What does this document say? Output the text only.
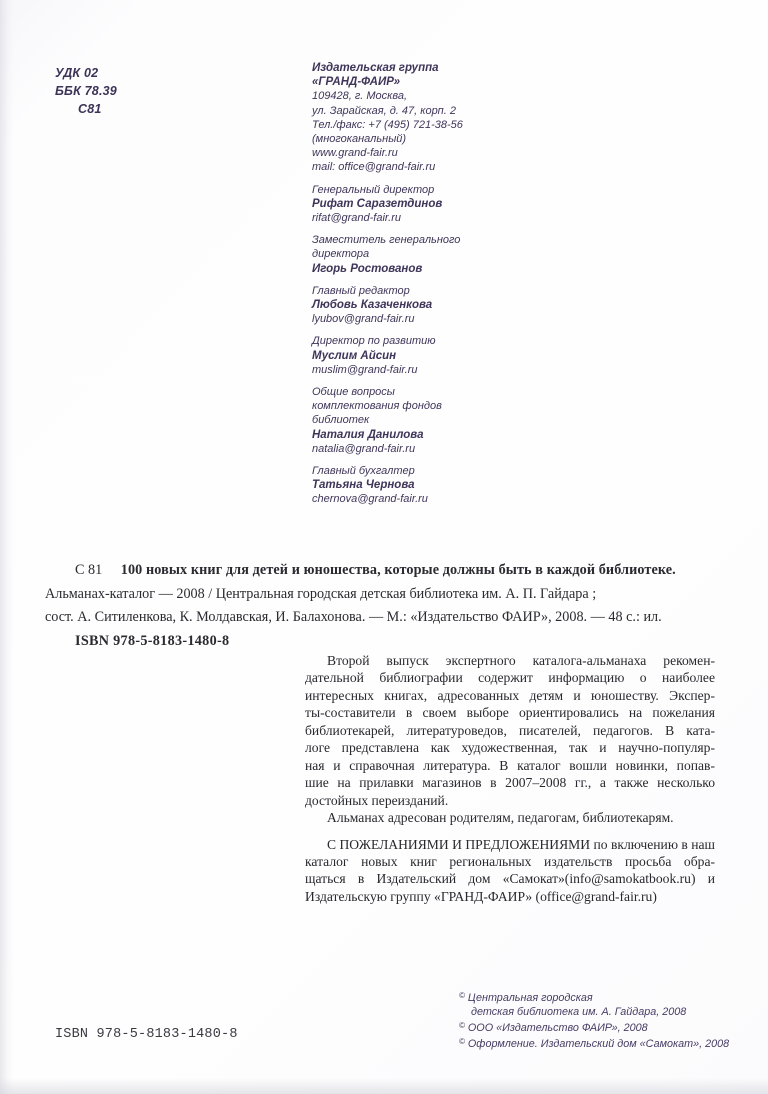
УДК 02
ББК 78.39
С81
Издательская группа
«ГРАНД-ФАИР»
109428, г. Москва,
ул. Зарайская, д. 47, корп. 2
Тел./факс: +7 (495) 721-38-56
(многоканальный)
www.grand-fair.ru
mail: office@grand-fair.ru
Генеральный директор
Рифат Саразетдинов
rifat@grand-fair.ru
Заместитель генерального
директора
Игорь Ростованов
Главный редактор
Любовь Казаченкова
lyubov@grand-fair.ru
Директор по развитию
Муслим Айсин
muslim@grand-fair.ru
Общие вопросы
комплектования фондов
библиотек
Наталия Данилова
natalia@grand-fair.ru
Главный бухгалтер
Татьяна Чернова
chernova@grand-fair.ru
С 81 100 новых книг для детей и юношества, которые должны быть в каждой библиотеке.
Альманах-каталог — 2008 / Центральная городская детская библиотека им. А. П. Гайдара ;
сост. А. Ситиленкова, К. Молдавская, И. Балахонова. — М.: «Издательство ФАИР», 2008. — 48 с.: ил.
ISBN 978-5-8183-1480-8
Второй выпуск экспертного каталога-альманаха рекомен-
дательной библиографии содержит информацию о наиболее
интересных книгах, адресованных детям и юношеству. Экспер-
ты-составители в своем выборе ориентировались на пожелания
библиотекарей, литературоведов, писателей, педагогов. В ката-
логе представлена как художественная, так и научно-популяр-
ная и справочная литература. В каталог вошли новинки, попав-
шие на прилавки магазинов в 2007–2008 гг., а также несколько
достойных переизданий.
Альманах адресован родителям, педагогам, библиотекарям.
С ПОЖЕЛАНИЯМИ И ПРЕДЛОЖЕНИЯМИ по включению в наш
каталог новых книг региональных издательств просьба обра-
щаться в Издательский дом «Самокат»(info@samokatbook.ru) и
Издательскую группу «ГРАНД-ФАИР» (office@grand-fair.ru)
© Центральная городская
детская библиотека им. А. Гайдара, 2008
© ООО «Издательство ФАИР», 2008
© Оформление. Издательский дом «Самокат», 2008
ISBN 978-5-8183-1480-8
